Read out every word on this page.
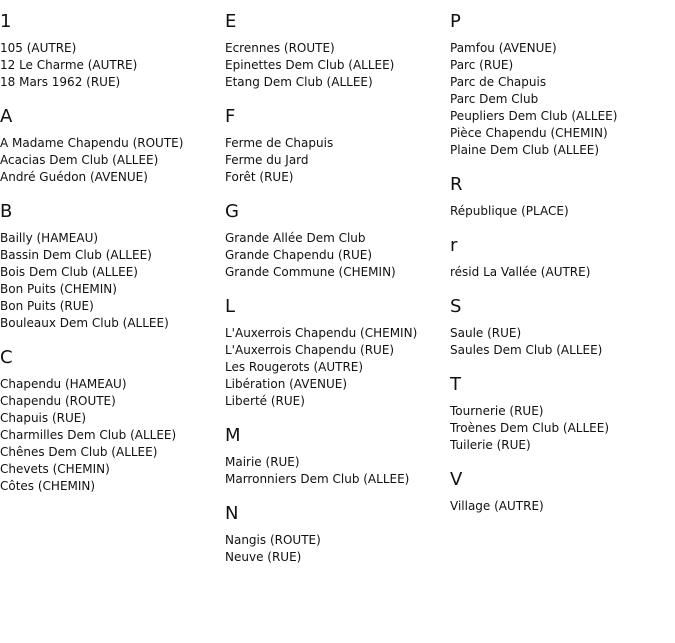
1
105 (AUTRE)
12 Le Charme (AUTRE)
18 Mars 1962 (RUE)
A
A Madame Chapendu (ROUTE)
Acacias Dem Club (ALLEE)
André Guédon (AVENUE)
B
Bailly (HAMEAU)
Bassin Dem Club (ALLEE)
Bois Dem Club (ALLEE)
Bon Puits (CHEMIN)
Bon Puits (RUE)
Bouleaux Dem Club (ALLEE)
C
Chapendu (HAMEAU)
Chapendu (ROUTE)
Chapuis (RUE)
Charmilles Dem Club (ALLEE)
Chênes Dem Club (ALLEE)
Chevets (CHEMIN)
Côtes (CHEMIN)
E
Ecrennes (ROUTE)
Epinettes Dem Club (ALLEE)
Etang Dem Club (ALLEE)
F
Ferme de Chapuis
Ferme du Jard
Forêt (RUE)
G
Grande Allée Dem Club
Grande Chapendu (RUE)
Grande Commune (CHEMIN)
L
L'Auxerrois Chapendu (CHEMIN)
L'Auxerrois Chapendu (RUE)
Les Rougerots (AUTRE)
Libération (AVENUE)
Liberté (RUE)
M
Mairie (RUE)
Marronniers Dem Club (ALLEE)
N
Nangis (ROUTE)
Neuve (RUE)
P
Pamfou (AVENUE)
Parc (RUE)
Parc de Chapuis
Parc Dem Club
Peupliers Dem Club (ALLEE)
Pièce Chapendu (CHEMIN)
Plaine Dem Club (ALLEE)
R
République (PLACE)
r
résid La Vallée (AUTRE)
S
Saule (RUE)
Saules Dem Club (ALLEE)
T
Tournerie (RUE)
Troènes Dem Club (ALLEE)
Tuilerie (RUE)
V
Village (AUTRE)
